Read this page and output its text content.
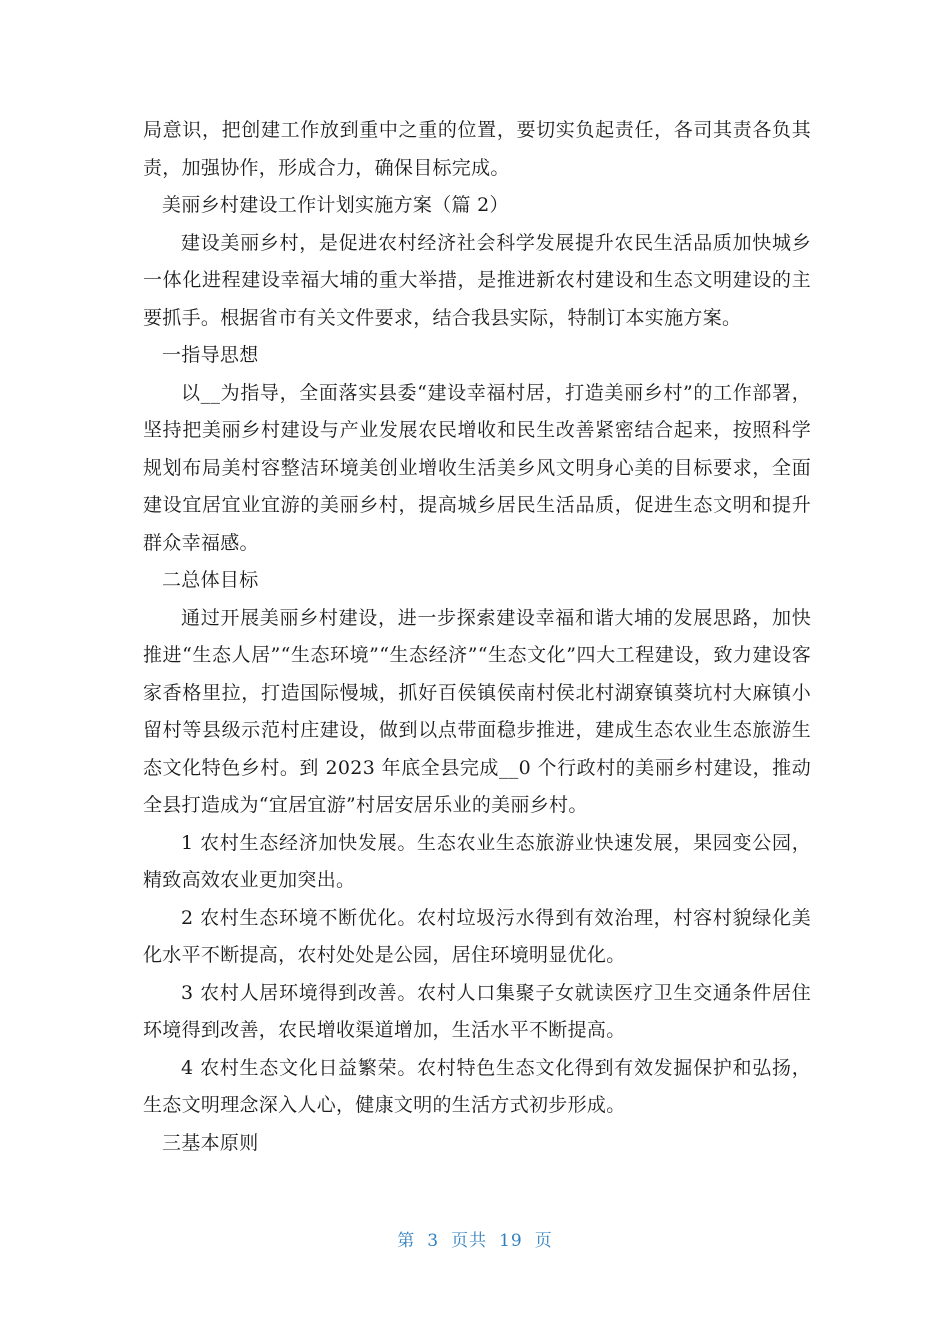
局意识，把创建工作放到重中之重的位置，要切实负起责任，各司其责各负其责，加强协作，形成合力，确保目标完成。

美丽乡村建设工作计划实施方案（篇 2）

建设美丽乡村，是促进农村经济社会科学发展提升农民生活品质加快城乡一体化进程建设幸福大埔的重大举措，是推进新农村建设和生态文明建设的主要抓手。根据省市有关文件要求，结合我县实际，特制订本实施方案。

一指导思想

以__为指导，全面落实县委“建设幸福村居，打造美丽乡村”的工作部署，坚持把美丽乡村建设与产业发展农民增收和民生改善紧密结合起来，按照科学规划布局美村容整洁环境美创业增收生活美乡风文明身心美的目标要求，全面建设宜居宜业宜游的美丽乡村，提高城乡居民生活品质，促进生态文明和提升群众幸福感。

二总体目标

通过开展美丽乡村建设，进一步探索建设幸福和谐大埔的发展思路，加快推进“生态人居”“生态环境”“生态经济”“生态文化”四大工程建设，致力建设客家香格里拉，打造国际慢城，抓好百侯镇侯南村侯北村湖寮镇葵坑村大麻镇小留村等县级示范村庄建设，做到以点带面稳步推进，建成生态农业生态旅游生态文化特色乡村。到 2023 年底全县完成__0 个行政村的美丽乡村建设，推动全县打造成为“宜居宜游”村居安居乐业的美丽乡村。

1 农村生态经济加快发展。生态农业生态旅游业快速发展，果园变公园，精致高效农业更加突出。

2 农村生态环境不断优化。农村垃圾污水得到有效治理，村容村貌绿化美化水平不断提高，农村处处是公园，居住环境明显优化。

3 农村人居环境得到改善。农村人口集聚子女就读医疗卫生交通条件居住环境得到改善，农民增收渠道增加，生活水平不断提高。

4 农村生态文化日益繁荣。农村特色生态文化得到有效发掘保护和弘扬，生态文明理念深入人心，健康文明的生活方式初步形成。

三基本原则

第 3 页共 19 页
